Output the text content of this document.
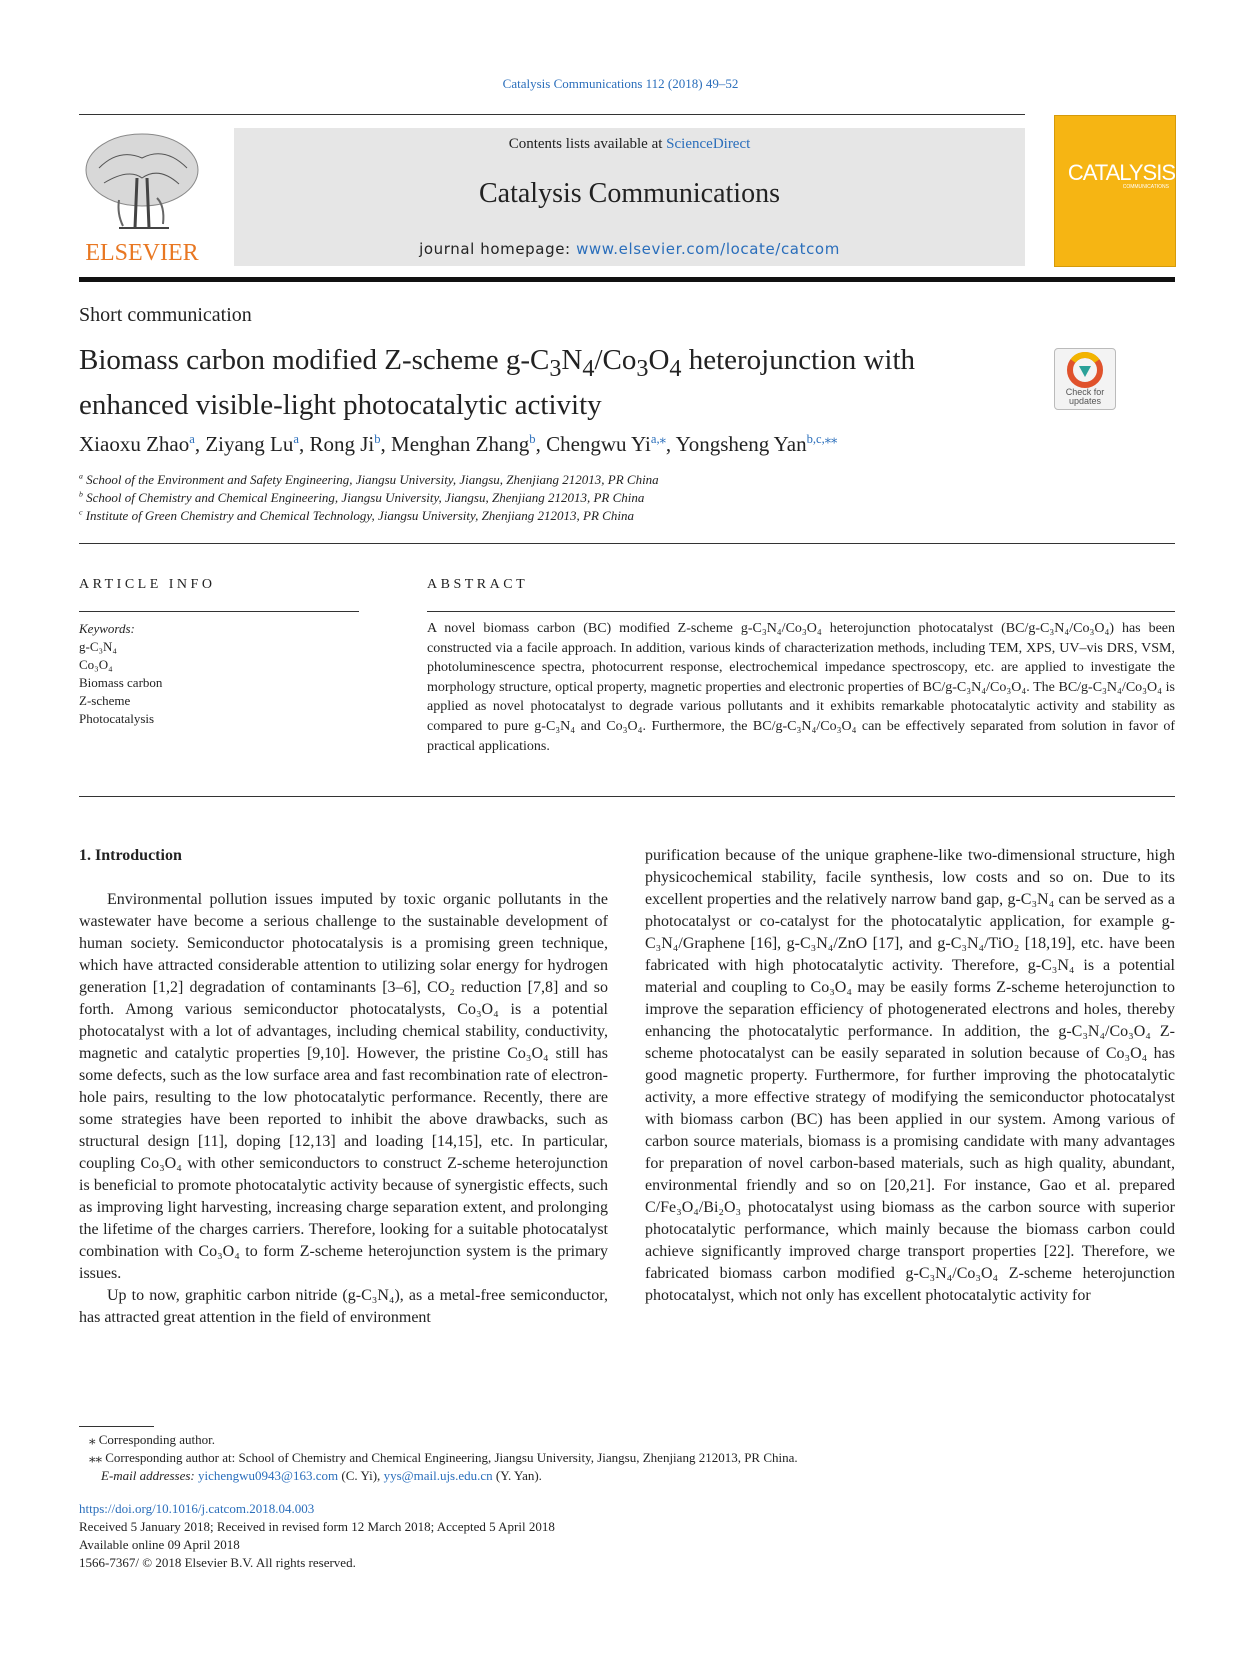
Catalysis Communications 112 (2018) 49–52
ELSEVIER
Contents lists available at ScienceDirect
Catalysis Communications
journal homepage: www.elsevier.com/locate/catcom
CATALYSIS
COMMUNICATIONS
Short communication
Biomass carbon modified Z-scheme $g-C_3N_4/Co_3O_4$ heterojunction with enhanced visible-light photocatalytic activity	Check for updates
Xiaoxu Zhao$^a$, Ziyang Lu$^a$, Rong Ji$^b$, Menghan Zhang$^b$, Chengwu $Yi^{a,⁎}$, Yongsheng Yan$^{b,c,⁎⁎}$
$^a$ School of the Environment and Safety Engineering, Jiangsu University, Jiangsu, Zhenjiang 212013, PR China
$^b$ School of Chemistry and Chemical Engineering, Jiangsu University, Jiangsu, Zhenjiang 212013, PR China
$^c$ Institute of Green Chemistry and Chemical Technology, Jiangsu University, Zhenjiang 212013, PR China
ARTICLE INFO
Keywords:
g-C₃N₄
Co₃O₄
Biomass carbon
Z-scheme
Photocatalysis
ABSTRACT
A novel biomass carbon (BC) modified Z-scheme g-C₃N₄/Co₃O₄ heterojunction photocatalyst (BC/g-C₃N₄/Co₃O₄) has been constructed via a facile approach. In addition, various kinds of characterization methods, including TEM, XPS, UV–vis DRS, VSM, photoluminescence spectra, photocurrent response, electrochemical impedance spectroscopy, etc. are applied to investigate the morphology structure, optical property, magnetic properties and electronic properties of BC/g-C₃N₄/Co₃O₄. The BC/g-C₃N₄/Co₃O₄ is applied as novel photocatalyst to degrade various pollutants and it exhibits remarkable photocatalytic activity and stability as compared to pure g-C₃N₄ and Co₃O₄. Furthermore, the BC/g-C₃N₄/Co₃O₄ can be effectively separated from solution in favor of practical applications.
1. Introduction

Environmental pollution issues imputed by toxic organic pollutants in the wastewater have become a serious challenge to the sustainable development of human society. Semiconductor photocatalysis is a promising green technique, which have attracted considerable attention to utilizing solar energy for hydrogen generation [1,2] degradation of contaminants [3–6], CO₂ reduction [7,8] and so forth. Among various semiconductor photocatalysts, Co₃O₄ is a potential photocatalyst with a lot of advantages, including chemical stability, conductivity, magnetic and catalytic properties [9,10]. However, the pristine Co₃O₄ still has some defects, such as the low surface area and fast recombination rate of electron-hole pairs, resulting to the low photocatalytic performance. Recently, there are some strategies have been reported to inhibit the above drawbacks, such as structural design [11], doping [12,13] and loading [14,15], etc. In particular, coupling Co₃O₄ with other semiconductors to construct Z-scheme heterojunction is beneficial to promote photocatalytic activity because of synergistic effects, such as improving light harvesting, increasing charge separation extent, and prolonging the lifetime of the charges carriers. Therefore, looking for a suitable photocatalyst combination with Co₃O₄ to form Z-scheme heterojunction system is the primary issues.

Up to now, graphitic carbon nitride (g-C₃N₄), as a metal-free semiconductor, has attracted great attention in the field of environment

purification because of the unique graphene-like two-dimensional structure, high physicochemical stability, facile synthesis, low costs and so on. Due to its excellent properties and the relatively narrow band gap, g-C₃N₄ can be served as a photocatalyst or co-catalyst for the photocatalytic application, for example g-C₃N₄/Graphene [16], g-C₃N₄/ZnO [17], and g-C₃N₄/TiO₂ [18,19], etc. have been fabricated with high photocatalytic activity. Therefore, g-C₃N₄ is a potential material and coupling to Co₃O₄ may be easily forms Z-scheme heterojunction to improve the separation efficiency of photogenerated electrons and holes, thereby enhancing the photocatalytic performance. In addition, the g-C₃N₄/Co₃O₄ Z-scheme photocatalyst can be easily separated in solution because of Co₃O₄ has good magnetic property. Furthermore, for further improving the photocatalytic activity, a more effective strategy of modifying the semiconductor photocatalyst with biomass carbon (BC) has been applied in our system. Among various of carbon source materials, biomass is a promising candidate with many advantages for preparation of novel carbon-based materials, such as high quality, abundant, environmental friendly and so on [20,21]. For instance, Gao et al. prepared C/Fe₃O₄/Bi₂O₃ photocatalyst using biomass as the carbon source with superior photocatalytic performance, which mainly because the biomass carbon could achieve significantly improved charge transport properties [22]. Therefore, we fabricated biomass carbon modified g-C₃N₄/Co₃O₄ Z-scheme heterojunction photocatalyst, which not only has excellent photocatalytic activity for

⁎ Corresponding author.

⁎⁎ Corresponding author at: School of Chemistry and Chemical Engineering, Jiangsu University, Jiangsu, Zhenjiang 212013, PR China.

E-mail addresses: yichengwu0943@163.com (C. Yi), yys@mail.ujs.edu.cn (Y. Yan).

https://doi.org/10.1016/j.catcom.2018.04.003

Received 5 January 2018; Received in revised form 12 March 2018; Accepted 5 April 2018

Available online 09 April 2018

1566-7367/ © 2018 Elsevier B.V. All rights reserved.
